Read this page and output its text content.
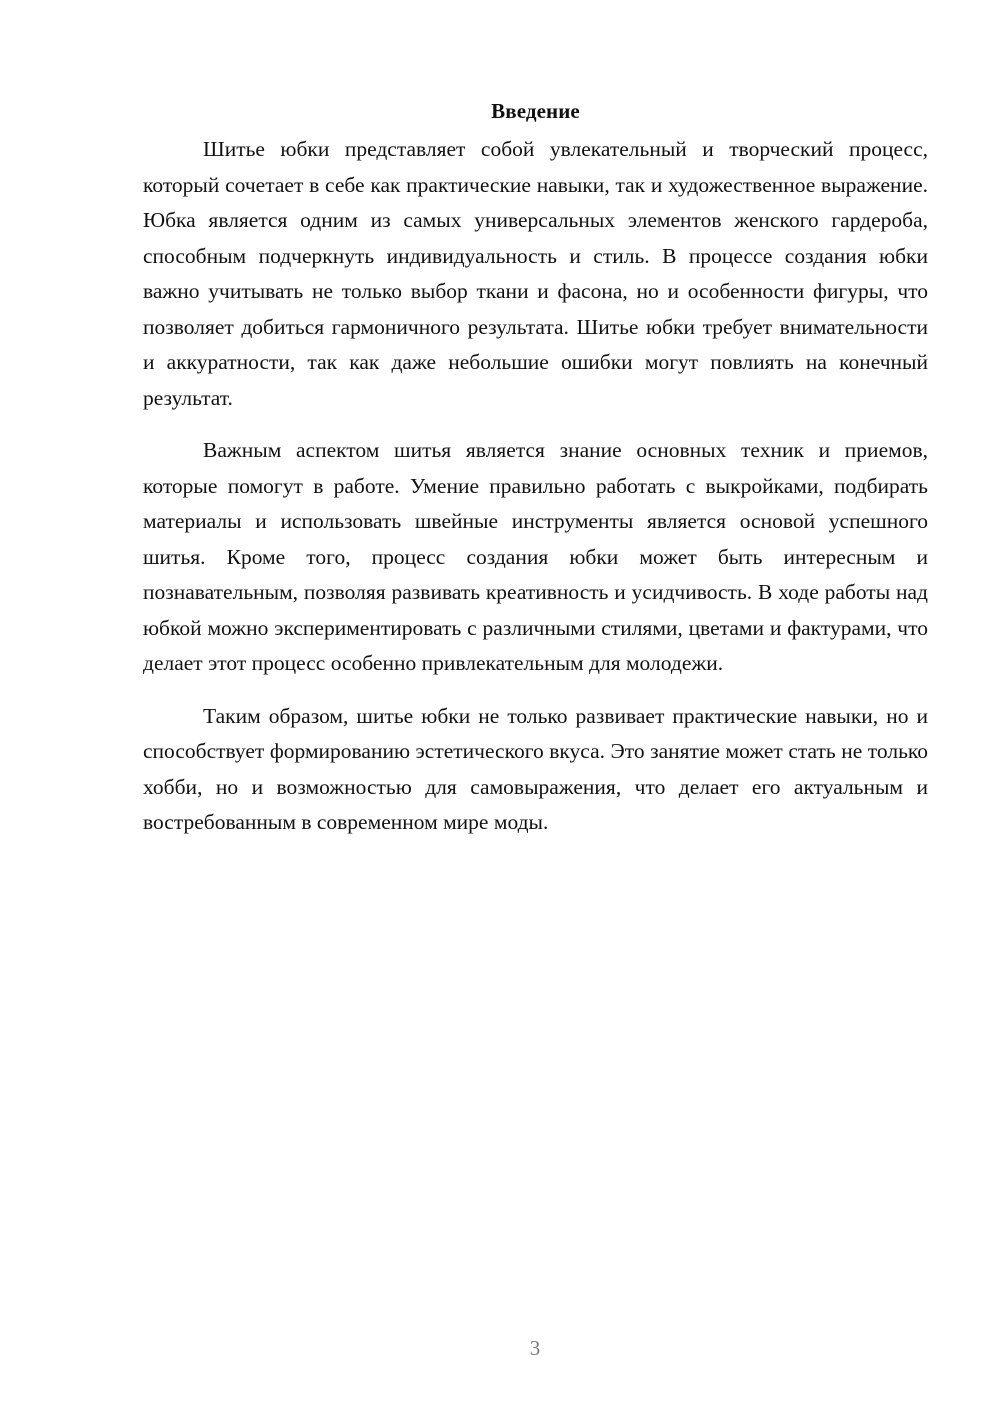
Введение

Шитье юбки представляет собой увлекательный и творческий процесс, который сочетает в себе как практические навыки, так и художественное выражение. Юбка является одним из самых универсальных элементов женского гардероба, способным подчеркнуть индивидуальность и стиль. В процессе создания юбки важно учитывать не только выбор ткани и фасона, но и особенности фигуры, что позволяет добиться гармоничного результата. Шитье юбки требует внимательности и аккуратности, так как даже небольшие ошибки могут повлиять на конечный результат.

Важным аспектом шитья является знание основных техник и приемов, которые помогут в работе. Умение правильно работать с выкройками, подбирать материалы и использовать швейные инструменты является основой успешного шитья. Кроме того, процесс создания юбки может быть интересным и познавательным, позволяя развивать креативность и усидчивость. В ходе работы над юбкой можно экспериментировать с различными стилями, цветами и фактурами, что делает этот процесс особенно привлекательным для молодежи.

Таким образом, шитье юбки не только развивает практические навыки, но и способствует формированию эстетического вкуса. Это занятие может стать не только хобби, но и возможностью для самовыражения, что делает его актуальным и востребованным в современном мире моды.

3
